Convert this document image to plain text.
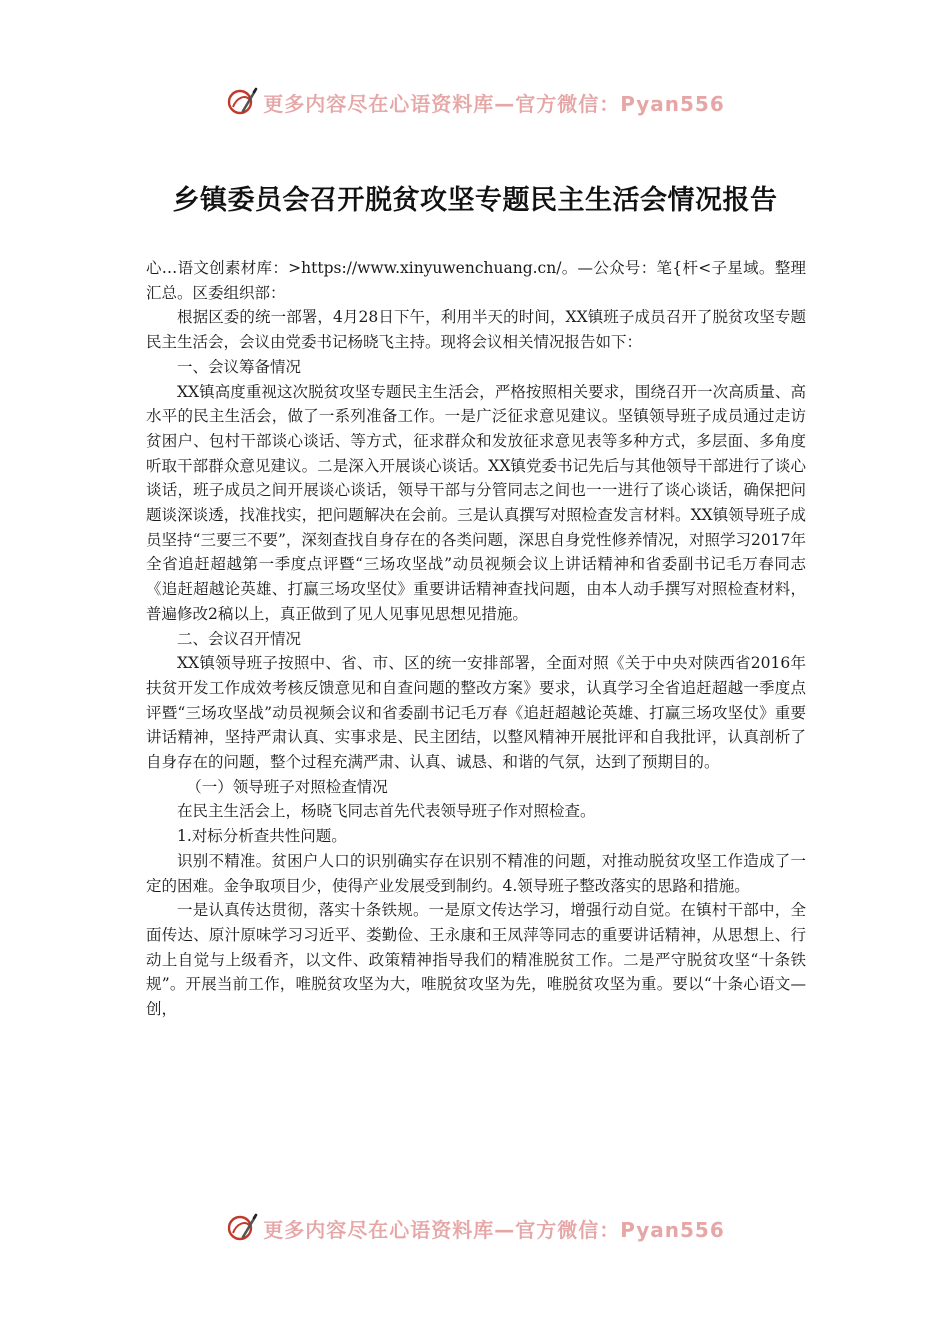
更多内容尽在心语资料库—官方微信：Pyan556
乡镇委员会召开脱贫攻坚专题民主生活会情况报告

心…语文创素材库：>https://www.xinyuwenchuang.cn/。—公众号：笔{杆<子星域。整理汇总。区委组织部：

根据区委的统一部署，4月28日下午，利用半天的时间，XX镇班子成员召开了脱贫攻坚专题民主生活会，会议由党委书记杨晓飞主持。现将会议相关情况报告如下：

一、会议筹备情况

XX镇高度重视这次脱贫攻坚专题民主生活会，严格按照相关要求，围绕召开一次高质量、高水平的民主生活会，做了一系列准备工作。一是广泛征求意见建议。坚镇领导班子成员通过走访贫困户、包村干部谈心谈话、等方式，征求群众和发放征求意见表等多种方式，多层面、多角度听取干部群众意见建议。二是深入开展谈心谈话。XX镇党委书记先后与其他领导干部进行了谈心谈话，班子成员之间开展谈心谈话，领导干部与分管同志之间也一一进行了谈心谈话，确保把问题谈深谈透，找准找实，把问题解决在会前。三是认真撰写对照检查发言材料。XX镇领导班子成员坚持“三要三不要”，深刻查找自身存在的各类问题，深思自身党性修养情况，对照学习2017年全省追赶超越第一季度点评暨“三场攻坚战”动员视频会议上讲话精神和省委副书记毛万春同志《追赶超越论英雄、打赢三场攻坚仗》重要讲话精神查找问题，由本人动手撰写对照检查材料，普遍修改2稿以上，真正做到了见人见事见思想见措施。

二、会议召开情况

XX镇领导班子按照中、省、市、区的统一安排部署，全面对照《关于中央对陕西省2016年扶贫开发工作成效考核反馈意见和自查问题的整改方案》要求，认真学习全省追赶超越一季度点评暨“三场攻坚战”动员视频会议和省委副书记毛万春《追赶超越论英雄、打赢三场攻坚仗》重要讲话精神，坚持严肃认真、实事求是、民主团结，以整风精神开展批评和自我批评，认真剖析了自身存在的问题，整个过程充满严肃、认真、诚恳、和谐的气氛，达到了预期目的。

（一）领导班子对照检查情况

在民主生活会上，杨晓飞同志首先代表领导班子作对照检查。

1.对标分析查共性问题。

识别不精准。贫困户人口的识别确实存在识别不精准的问题，对推动脱贫攻坚工作造成了一定的困难。金争取项目少，使得产业发展受到制约。4.领导班子整改落实的思路和措施。

一是认真传达贯彻，落实十条铁规。一是原文传达学习，增强行动自觉。在镇村干部中，全面传达、原汁原味学习习近平、娄勤俭、王永康和王凤萍等同志的重要讲话精神，从思想上、行动上自觉与上级看齐，以文件、政策精神指导我们的精准脱贫工作。二是严守脱贫攻坚“十条铁规”。开展当前工作，唯脱贫攻坚为大，唯脱贫攻坚为先，唯脱贫攻坚为重。要以“十条心语文—创，

更多内容尽在心语资料库—官方微信：Pyan556
